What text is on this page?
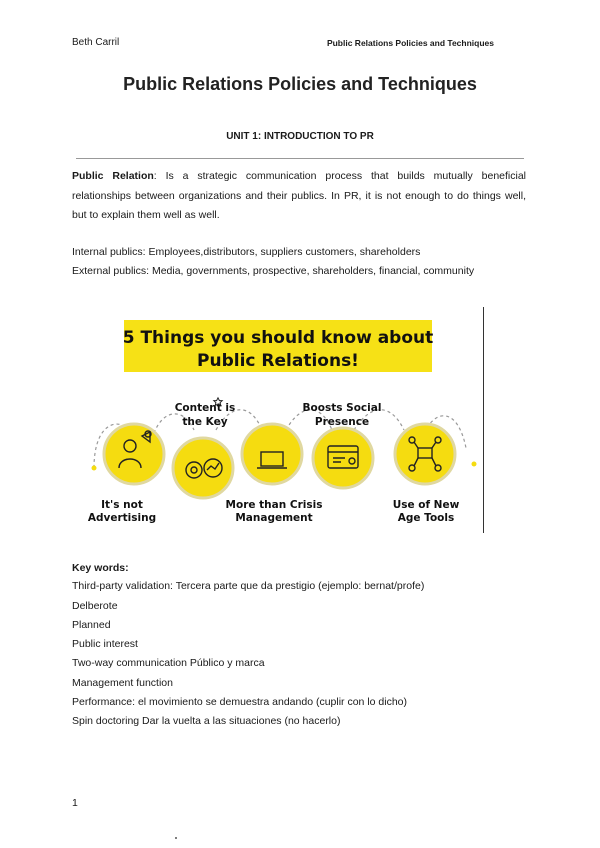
Beth Carril	Public Relations Policies and Techniques
Public Relations Policies and Techniques
UNIT 1: INTRODUCTION TO PR
Public Relation: Is a strategic communication process that builds mutually beneficial relationships between organizations and their publics. In PR, it is not enough to do things well, but to explain them well as well.
Internal publics: Employees,distributors, suppliers customers, shareholders
External publics: Media, governments, prospective, shareholders, financial, community
5 Things you should know about
Public Relations!
It's not
Advertising
Content is
the Key
More than Crisis
Management
Boosts Social
Presence
Use of New
Age Tools
Key words:
Third-party validation: Tercera parte que da prestigio (ejemplo: bernat/profe)
Delberote
Planned
Public interest
Two-way communication Público y marca
Management function
Performance: el movimiento se demuestra andando (cuplir con lo dicho)
Spin doctoring Dar la vuelta a las situaciones (no hacerlo)
1
